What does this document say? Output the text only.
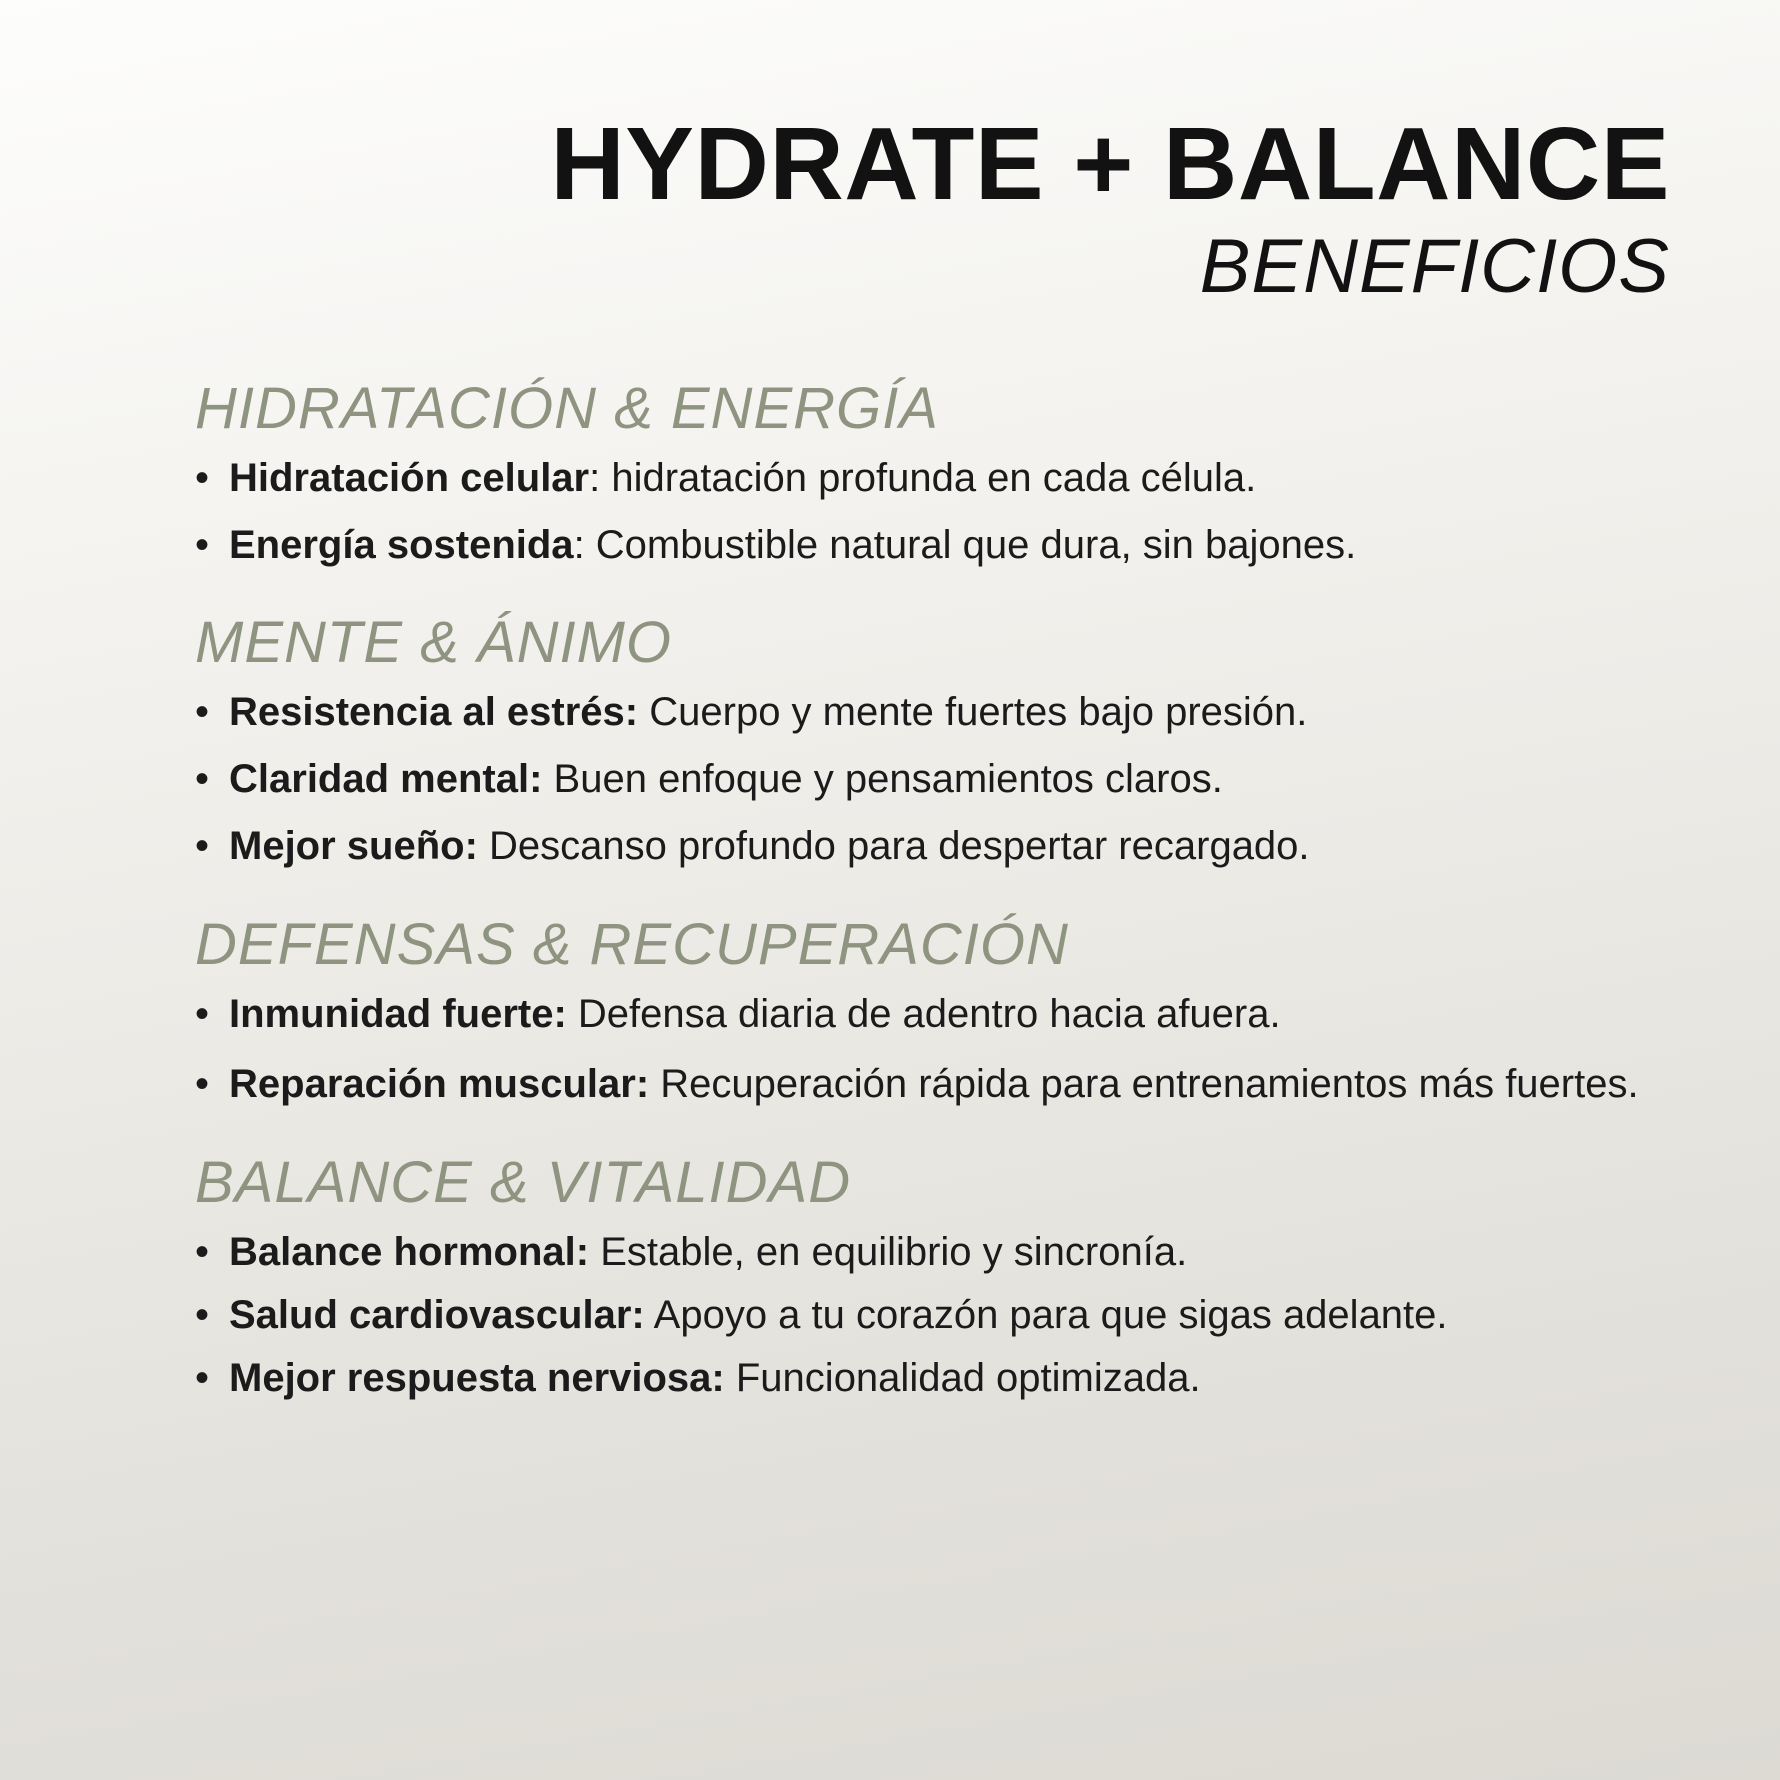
HYDRATE + BALANCE
BENEFICIOS
HIDRATACIÓN & ENERGÍA
• Hidratación celular: hidratación profunda en cada célula.
• Energía sostenida: Combustible natural que dura, sin bajones.
MENTE & ÁNIMO
• Resistencia al estrés: Cuerpo y mente fuertes bajo presión.
• Claridad mental: Buen enfoque y pensamientos claros.
• Mejor sueño: Descanso profundo para despertar recargado.
DEFENSAS & RECUPERACIÓN
• Inmunidad fuerte: Defensa diaria de adentro hacia afuera.
• Reparación muscular: Recuperación rápida para entrenamientos más fuertes.
BALANCE & VITALIDAD
• Balance hormonal: Estable, en equilibrio y sincronía.
• Salud cardiovascular: Apoyo a tu corazón para que sigas adelante.
• Mejor respuesta nerviosa: Funcionalidad optimizada.
